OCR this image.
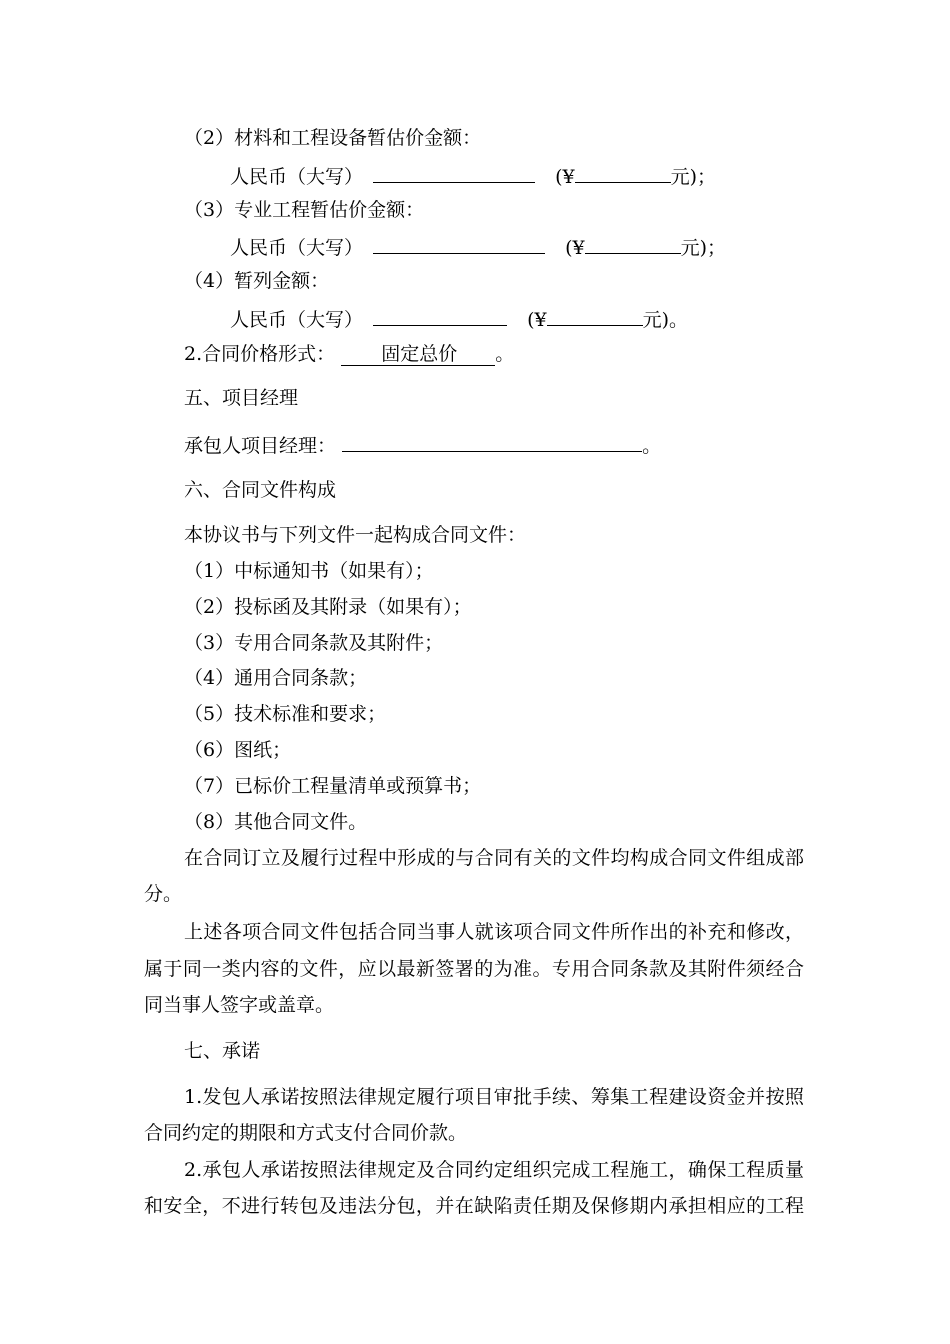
（2）材料和工程设备暂估价金额：
人民币（大写）	(¥	元)；
（3）专业工程暂估价金额：
人民币（大写）	(¥	元)；
（4）暂列金额：
人民币（大写）	(¥	元)。
2.合同价格形式： 固定总价 。
五、项目经理
承包人项目经理：	。
六、合同文件构成
本协议书与下列文件一起构成合同文件：
（1）中标通知书（如果有）；
（2）投标函及其附录（如果有）；
（3）专用合同条款及其附件；
（4）通用合同条款；
（5）技术标准和要求；
（6）图纸；
（7）已标价工程量清单或预算书；
（8）其他合同文件。
在合同订立及履行过程中形成的与合同有关的文件均构成合同文件组成部
分。
上述各项合同文件包括合同当事人就该项合同文件所作出的补充和修改，
属于同一类内容的文件，应以最新签署的为准。专用合同条款及其附件须经合
同当事人签字或盖章。
七、承诺
1.发包人承诺按照法律规定履行项目审批手续、筹集工程建设资金并按照
合同约定的期限和方式支付合同价款。
2.承包人承诺按照法律规定及合同约定组织完成工程施工，确保工程质量
和安全，不进行转包及违法分包，并在缺陷责任期及保修期内承担相应的工程
